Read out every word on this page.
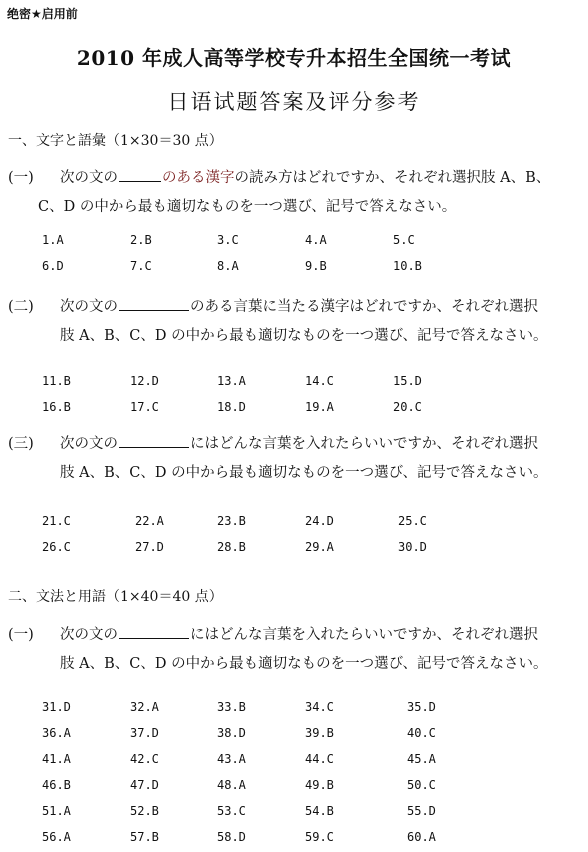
绝密★启用前
2010 年成人高等学校专升本招生全国统一考试
日语试题答案及评分参考
一、文字と語彙（1×30＝30 点）
(一) 次の文の	のある漢字の読み方はどれですか、それぞれ選択肢 A、B、
C、D の中から最も適切なものを一つ選び、記号で答えなさい。
1.A	2.B	3.C	4.A	5.C
6.D	7.C	8.A	9.B	10.B
(二) 次の文の	のある言葉に当たる漢字はどれですか、それぞれ選択
肢 A、B、C、D の中から最も適切なものを一つ選び、記号で答えなさい。
11.B	12.D	13.A	14.C	15.D
16.B	17.C	18.D	19.A	20.C
(三) 次の文の	にはどんな言葉を入れたらいいですか、それぞれ選択
肢 A、B、C、D の中から最も適切なものを一つ選び、記号で答えなさい。
21.C	22.A	23.B	24.D	25.C
26.C	27.D	28.B	29.A	30.D
二、文法と用語（1×40＝40 点）
(一) 次の文の	にはどんな言葉を入れたらいいですか、それぞれ選択
肢 A、B、C、D の中から最も適切なものを一つ選び、記号で答えなさい。
31.D	32.A	33.B	34.C	35.D
36.A	37.D	38.D	39.B	40.C
41.A	42.C	43.A	44.C	45.A
46.B	47.D	48.A	49.B	50.C
51.A	52.B	53.C	54.B	55.D
56.A	57.B	58.D	59.C	60.A
